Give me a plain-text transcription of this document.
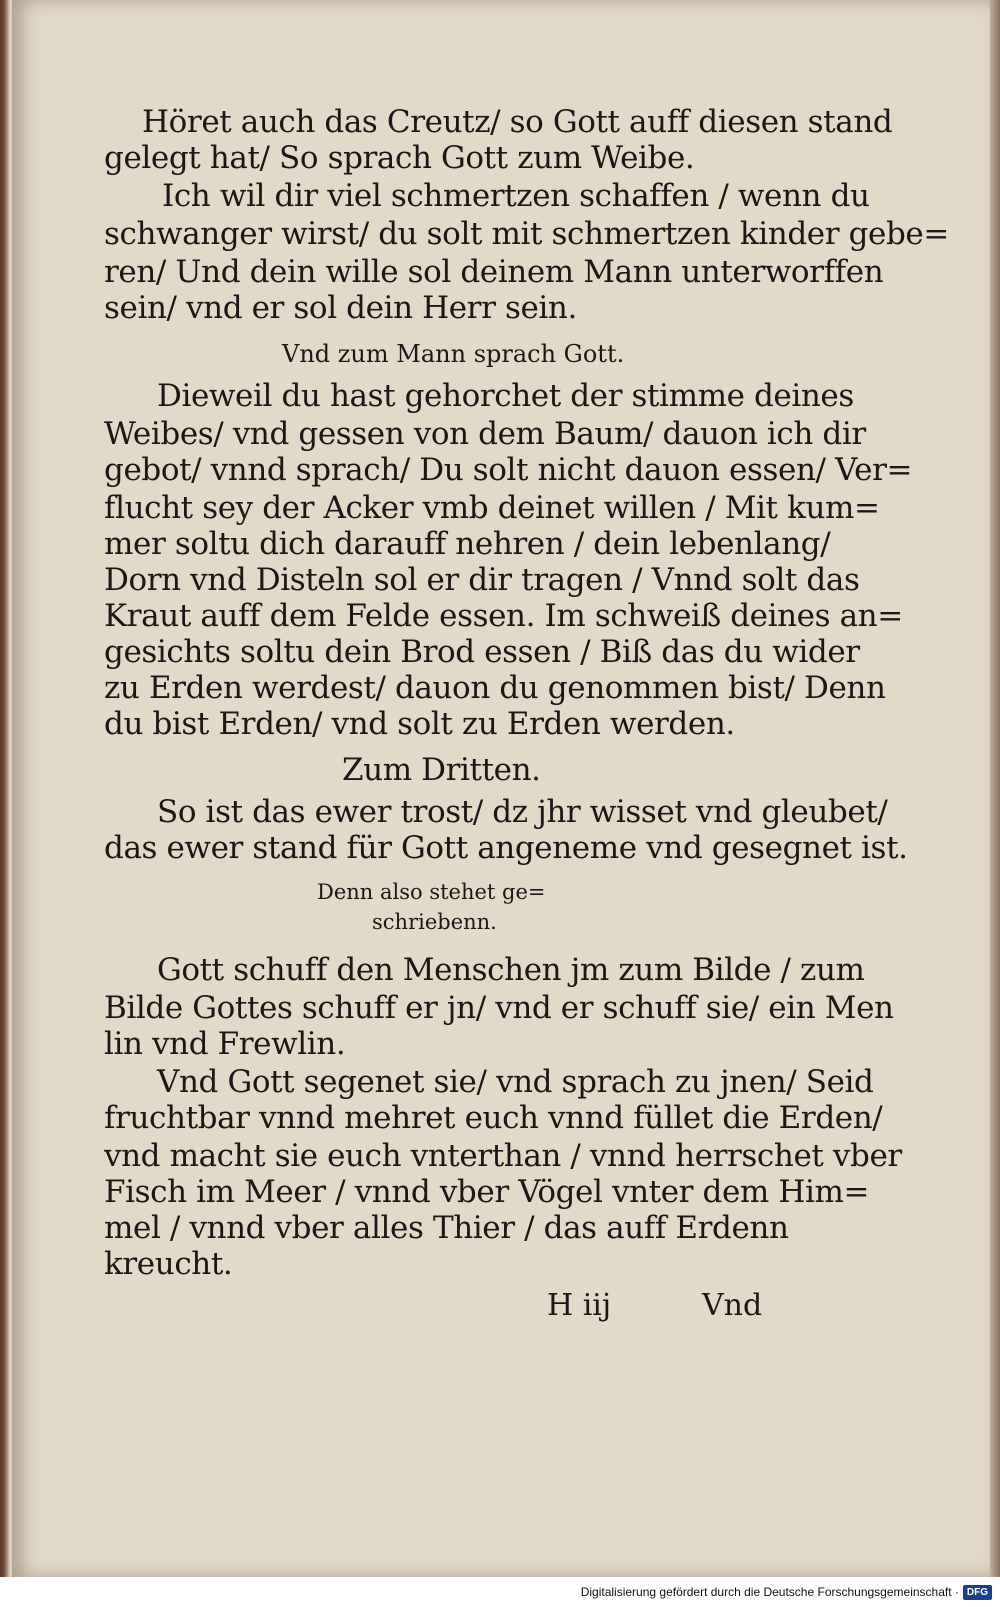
Höret auch das Creutz/ so Gott auff diesen stand
gelegt hat/ So sprach Gott zum Weibe.
Ich wil dir viel schmertzen schaffen / wenn du
schwanger wirst/ du solt mit schmertzen kinder gebe=
ren/ Und dein wille sol deinem Mann unterworffen
sein/ vnd er sol dein Herr sein.
Vnd zum Mann sprach Gott.
Dieweil du hast gehorchet der stimme deines
Weibes/ vnd gessen von dem Baum/ dauon ich dir
gebot/ vnnd sprach/ Du solt nicht dauon essen/ Ver=
flucht sey der Acker vmb deinet willen / Mit kum=
mer soltu dich darauff nehren / dein lebenlang/
Dorn vnd Disteln sol er dir tragen / Vnnd solt das
Kraut auff dem Felde essen. Im schweiß deines an=
gesichts soltu dein Brod essen / Biß das du wider
zu Erden werdest/ dauon du genommen bist/ Denn
du bist Erden/ vnd solt zu Erden werden.
Zum Dritten.
So ist das ewer trost/ dz jhr wisset vnd gleubet/
das ewer stand für Gott angeneme vnd gesegnet ist.
Denn also stehet ge=
schriebenn.
Gott schuff den Menschen jm zum Bilde / zum
Bilde Gottes schuff er jn/ vnd er schuff sie/ ein Men
lin vnd Frewlin.
Vnd Gott segenet sie/ vnd sprach zu jnen/ Seid
fruchtbar vnnd mehret euch vnnd füllet die Erden/
vnd macht sie euch vnterthan / vnnd herrschet vber
Fisch im Meer / vnnd vber Vögel vnter dem Him=
mel / vnnd vber alles Thier / das auff Erdenn
kreucht.
H iij	Vnd
Digitalisierung gefördert durch die Deutsche Forschungsgemeinschaft · DFG
